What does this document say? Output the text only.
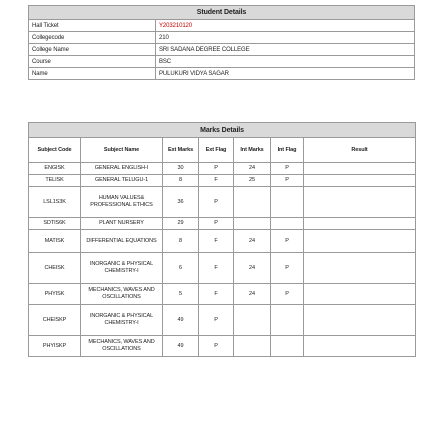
Student Details	
Hall Ticket	Y203210120
Collegecode	210
College Name	SRI SADANA DEGREE COLLEGE
Course	BSC
Name	PULUKURI VIDYA SAGAR
Marks Details						
Subject Code	Subject Name	Ext Marks	Ext Flag	Int Marks	Int Flag	Result
ENGISK	GENERAL ENGLISH-I	30	P	24	P	
TELISK	GENERAL TELUGU-1	8	F	25	P	
LSL1S3K	HUMAN VALUES& PROFESSIONAL ETHICS	36	P			
SDTIS6K	PLANT NURSERY	29	P			
MATISK	DIFFERENTIAL EQUATIONS	8	F	24	P	
CHEISK	INORGANIC & PHYSICAL CHEMISTRY-I	6	F	24	P	
PHYISK	MECHANICS, WAVES AND OSCILLATIONS	5	F	24	P	
CHEISKP	INORGANIC & PHYSICAL CHEMISTRY-I	49	P			
PHYISKP	MECHANICS, WAVES AND OSCILLATIONS	49	P			
